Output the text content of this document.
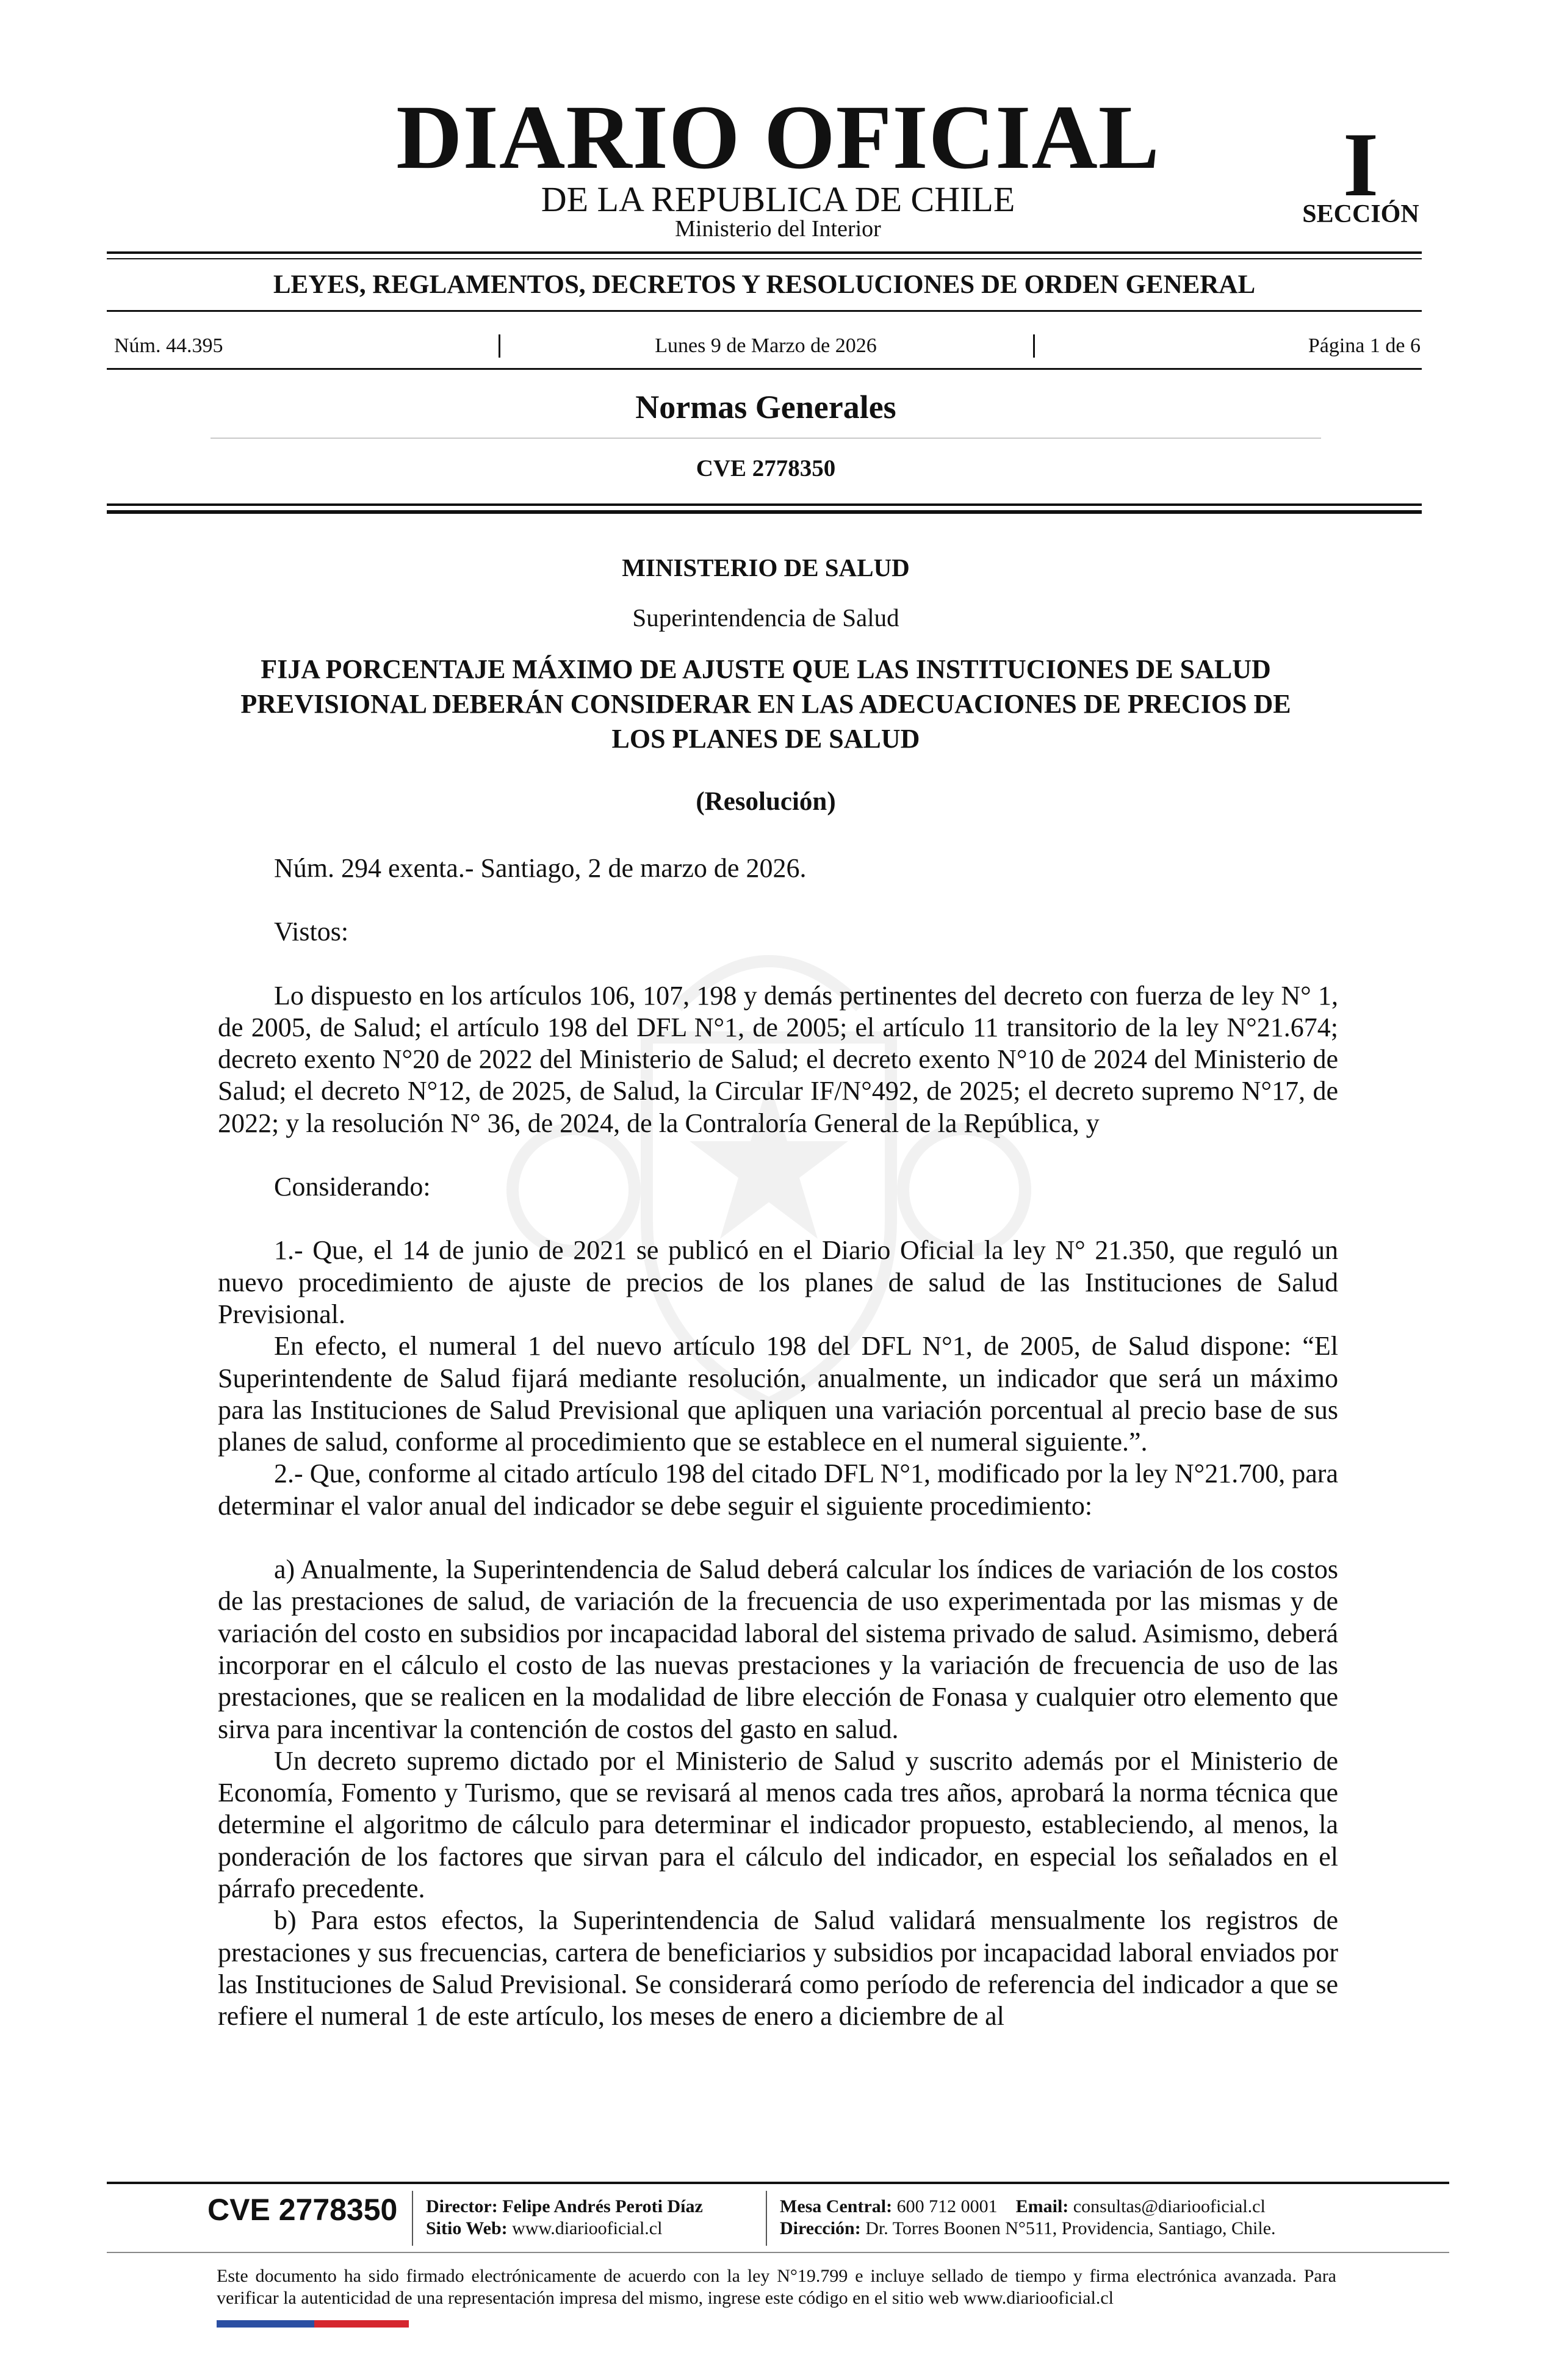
DIARIO OFICIAL
DE LA REPUBLICA DE CHILE
Ministerio del Interior
I
SECCIÓN
LEYES, REGLAMENTOS, DECRETOS Y RESOLUCIONES DE ORDEN GENERAL
Núm. 44.395	Lunes 9 de Marzo de 2026	Página 1 de 6
Normas Generales
CVE 2778350
MINISTERIO DE SALUD
Superintendencia de Salud
FIJA PORCENTAJE MÁXIMO DE AJUSTE QUE LAS INSTITUCIONES DE SALUD PREVISIONAL DEBERÁN CONSIDERAR EN LAS ADECUACIONES DE PRECIOS DE LOS PLANES DE SALUD
(Resolución)

Núm. 294 exenta.- Santiago, 2 de marzo de 2026.

Vistos:

Lo dispuesto en los artículos 106, 107, 198 y demás pertinentes del decreto con fuerza de ley N° 1, de 2005, de Salud; el artículo 198 del DFL N°1, de 2005; el artículo 11 transitorio de la ley N°21.674; decreto exento N°20 de 2022 del Ministerio de Salud; el decreto exento N°10 de 2024 del Ministerio de Salud; el decreto N°12, de 2025, de Salud, la Circular IF/N°492, de 2025; el decreto supremo N°17, de 2022; y la resolución N° 36, de 2024, de la Contraloría General de la República, y

Considerando:

1.- Que, el 14 de junio de 2021 se publicó en el Diario Oficial la ley N° 21.350, que reguló un nuevo procedimiento de ajuste de precios de los planes de salud de las Instituciones de Salud Previsional.

En efecto, el numeral 1 del nuevo artículo 198 del DFL N°1, de 2005, de Salud dispone: “El Superintendente de Salud fijará mediante resolución, anualmente, un indicador que será un máximo para las Instituciones de Salud Previsional que apliquen una variación porcentual al precio base de sus planes de salud, conforme al procedimiento que se establece en el numeral siguiente.”.

2.- Que, conforme al citado artículo 198 del citado DFL N°1, modificado por la ley N°21.700, para determinar el valor anual del indicador se debe seguir el siguiente procedimiento:

a) Anualmente, la Superintendencia de Salud deberá calcular los índices de variación de los costos de las prestaciones de salud, de variación de la frecuencia de uso experimentada por las mismas y de variación del costo en subsidios por incapacidad laboral del sistema privado de salud. Asimismo, deberá incorporar en el cálculo el costo de las nuevas prestaciones y la variación de frecuencia de uso de las prestaciones, que se realicen en la modalidad de libre elección de Fonasa y cualquier otro elemento que sirva para incentivar la contención de costos del gasto en salud.

Un decreto supremo dictado por el Ministerio de Salud y suscrito además por el Ministerio de Economía, Fomento y Turismo, que se revisará al menos cada tres años, aprobará la norma técnica que determine el algoritmo de cálculo para determinar el indicador propuesto, estableciendo, al menos, la ponderación de los factores que sirvan para el cálculo del indicador, en especial los señalados en el párrafo precedente.

b) Para estos efectos, la Superintendencia de Salud validará mensualmente los registros de prestaciones y sus frecuencias, cartera de beneficiarios y subsidios por incapacidad laboral enviados por las Instituciones de Salud Previsional. Se considerará como período de referencia del indicador a que se refiere el numeral 1 de este artículo, los meses de enero a diciembre de al

CVE 2778350	Director: Felipe Andrés Peroti Díaz
Sitio Web: www.diariooficial.cl
Mesa Central: 600 712 0001 Email: consultas@diariooficial.cl
Dirección: Dr. Torres Boonen N°511, Providencia, Santiago, Chile.
Este documento ha sido firmado electrónicamente de acuerdo con la ley N°19.799 e incluye sellado de tiempo y firma electrónica avanzada. Para verificar la autenticidad de una representación impresa del mismo, ingrese este código en el sitio web www.diariooficial.cl
